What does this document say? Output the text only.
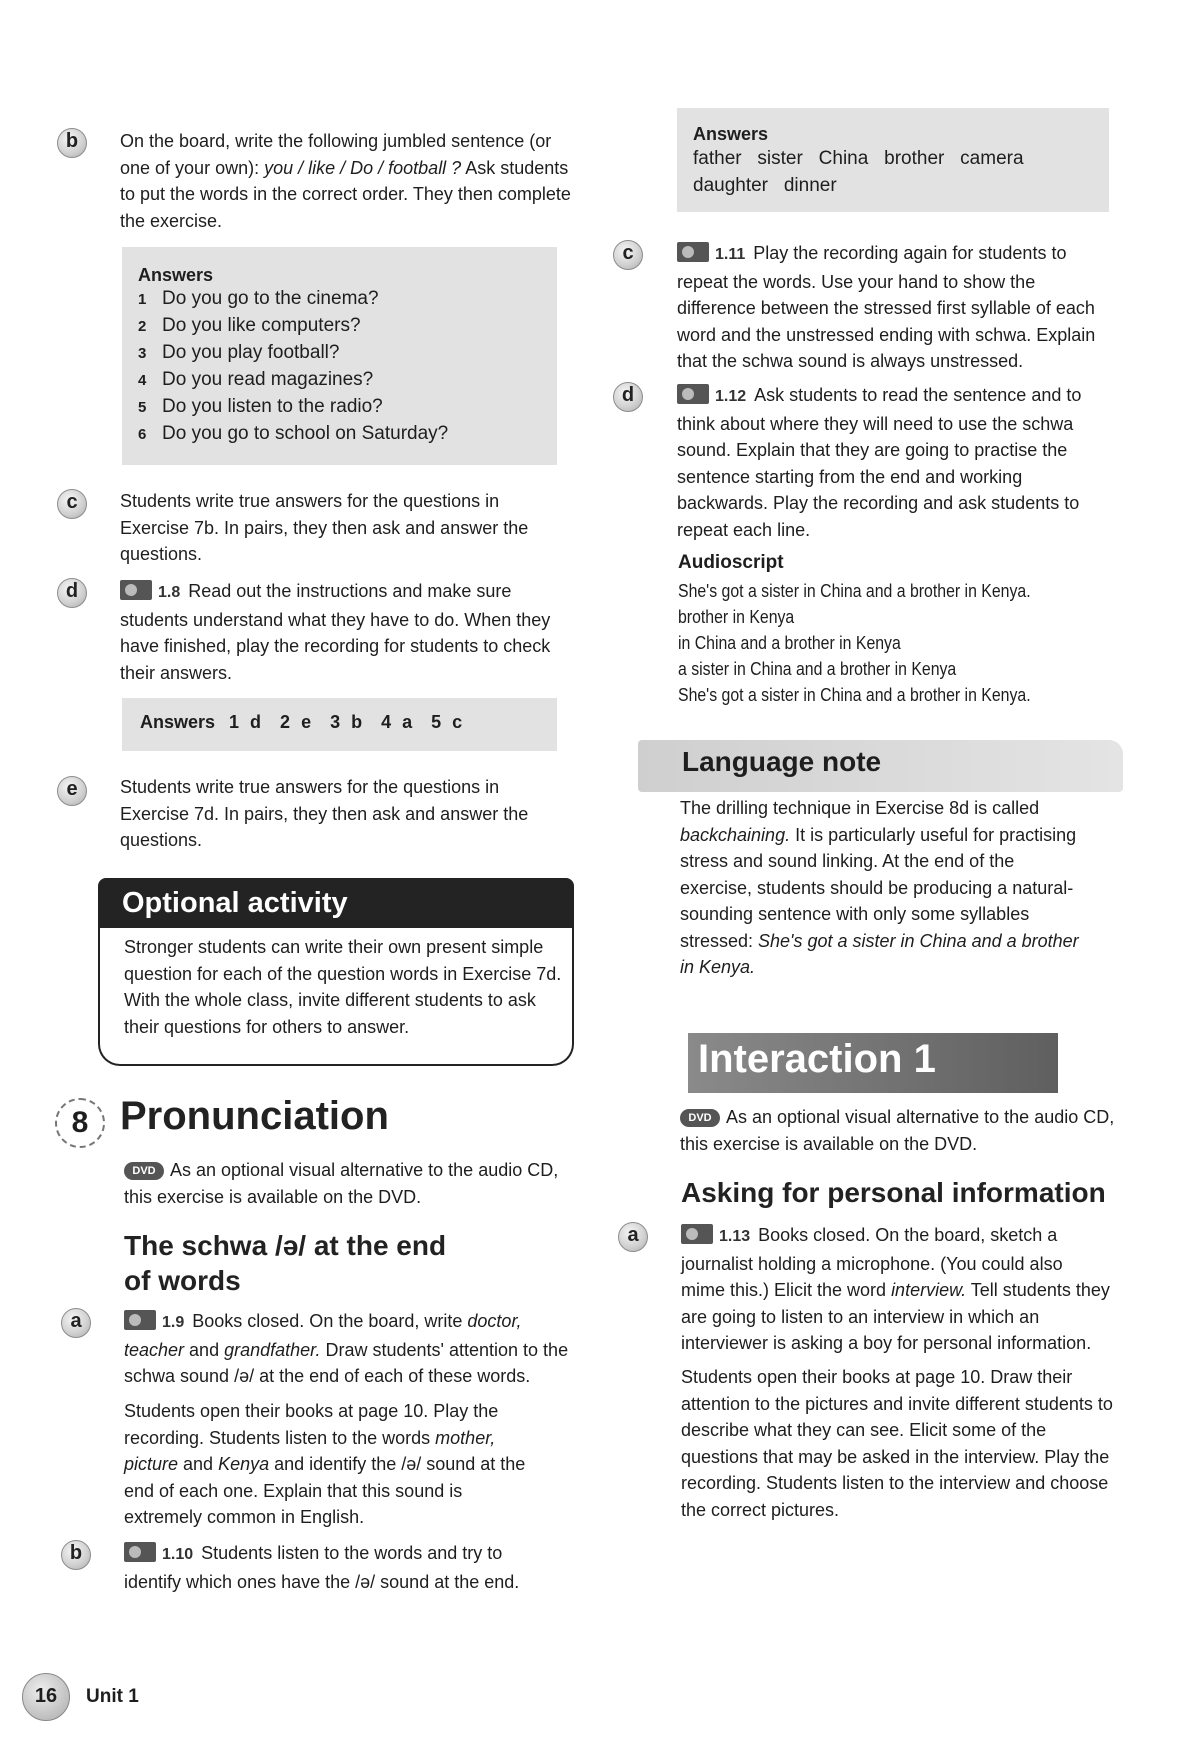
b	On the board, write the following jumbled sentence (or one of your own): you / like / Do / football ? Ask students to put the words in the correct order. They then complete the exercise.
Answers
1 Do you go to the cinema?
2 Do you like computers?
3 Do you play football?
4 Do you read magazines?
5 Do you listen to the radio?
6 Do you go to school on Saturday?
c	Students write true answers for the questions in Exercise 7b. In pairs, they then ask and answer the questions.
d	1.8 Read out the instructions and make sure students understand what they have to do. When they have finished, play the recording for students to check their answers.
Answers 1 d  2 e  3 b  4 a  5 c
e	Students write true answers for the questions in Exercise 7d. In pairs, they then ask and answer the questions.
Optional activity
Stronger students can write their own present simple question for each of the question words in Exercise 7d. With the whole class, invite different students to ask their questions for others to answer.
8 Pronunciation
DVD As an optional visual alternative to the audio CD, this exercise is available on the DVD.
The schwa /ə/ at the end
of words
a	1.9 Books closed. On the board, write doctor, teacher and grandfather. Draw students' attention to the schwa sound /ə/ at the end of each of these words.
Students open their books at page 10. Play the recording. Students listen to the words mother, picture and Kenya and identify the /ə/ sound at the end of each one. Explain that this sound is extremely common in English.
b	1.10 Students listen to the words and try to identify which ones have the /ə/ sound at the end.
16	Unit 1
Answers
father   sister   China   brother   camera
daughter   dinner
c	1.11 Play the recording again for students to repeat the words. Use your hand to show the difference between the stressed first syllable of each word and the unstressed ending with schwa. Explain that the schwa sound is always unstressed.
d	1.12 Ask students to read the sentence and to think about where they will need to use the schwa sound. Explain that they are going to practise the sentence starting from the end and working backwards. Play the recording and ask students to repeat each line.
Audioscript
She's got a sister in China and a brother in Kenya.
brother in Kenya
in China and a brother in Kenya
a sister in China and a brother in Kenya
She's got a sister in China and a brother in Kenya.
Language note
The drilling technique in Exercise 8d is called backchaining. It is particularly useful for practising stress and sound linking. At the end of the exercise, students should be producing a natural-sounding sentence with only some syllables stressed: She's got a sister in China and a brother in Kenya.
Interaction 1
DVD As an optional visual alternative to the audio CD, this exercise is available on the DVD.
Asking for personal information
a	1.13 Books closed. On the board, sketch a journalist holding a microphone. (You could also mime this.) Elicit the word interview. Tell students they are going to listen to an interview in which an interviewer is asking a boy for personal information.
Students open their books at page 10. Draw their attention to the pictures and invite different students to describe what they can see. Elicit some of the questions that may be asked in the interview. Play the recording. Students listen to the interview and choose the correct pictures.
